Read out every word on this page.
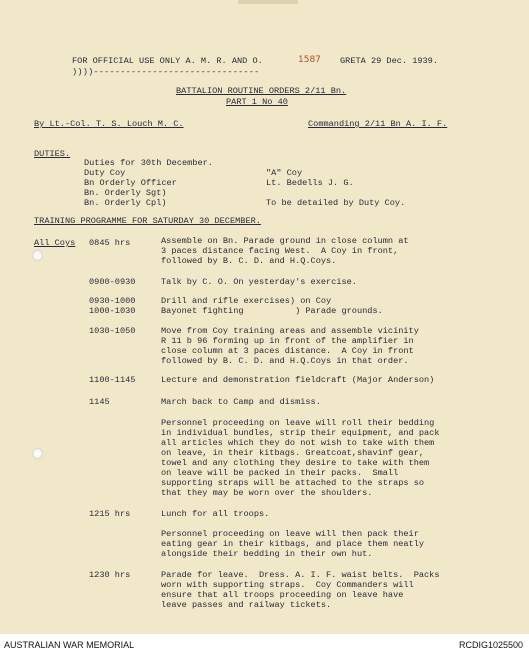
FOR OFFICIAL USE ONLY A. M. R. AND O.	1587 GRETA 29 Dec. 1939.
))))-------------------------------
BATTALION ROUTINE ORDERS 2/11 Bn.
PART 1 No 40
By Lt.-Col. T. S. Louch M. C.	Commanding 2/11 Bn A. I. F.
DUTIES.
Duties for 30th December.
Duty Coy	"A" Coy
Bn Orderly Officer	Lt. Bedells J. G.
Bn. Orderly Sgt)
Bn. Orderly Cpl)	To be detailed by Duty Coy.
TRAINING PROGRAMME FOR SATURDAY 30 DECEMBER.
All Coys 0845 hrs	Assemble on Bn. Parade ground in close column at
3 paces distance facing West.  A Coy in front,
followed by B. C. D. and H.Q.Coys.
0900-0930	Talk by C. O. On yesterday's exercise.
0930-1000	Drill and rifle exercises) on Coy
1000-1030	Bayonet fighting          ) Parade grounds.
1030-1050	Move from Coy training areas and assemble vicinity
R 11 b 96 forming up in front of the amplifier in
close column at 3 paces distance.  A Coy in front
followed by B. C. D. and H.Q.Coys in that order.
1100-1145	Lecture and demonstration fieldcraft (Major Anderson)
1145	March back to Camp and dismiss.
Personnel proceeding on leave will roll their bedding
in individual bundles, strip their equipment, and pack
all articles which they do not wish to take with them
on leave, in their kitbags. Greatcoat,shavinf gear,
towel and any clothing they desire to take with them
on leave will be packed in their packs.  Small
supporting straps will be attached to the straps so
that they may be worn over the shoulders.
1215 hrs	Lunch for all troops.
Personnel proceeding on leave will then pack their
eating gear in their kitbags, and place them neatly
alongside their bedding in their own hut.
1230 hrs	Parade for leave.  Dress. A. I. F. waist belts.  Packs
worn with supporting straps.  Coy Commanders will
ensure that all troops proceeding on leave have
leave passes and railway tickets.
AUSTRALIAN WAR MEMORIAL	RCDIG1025500
